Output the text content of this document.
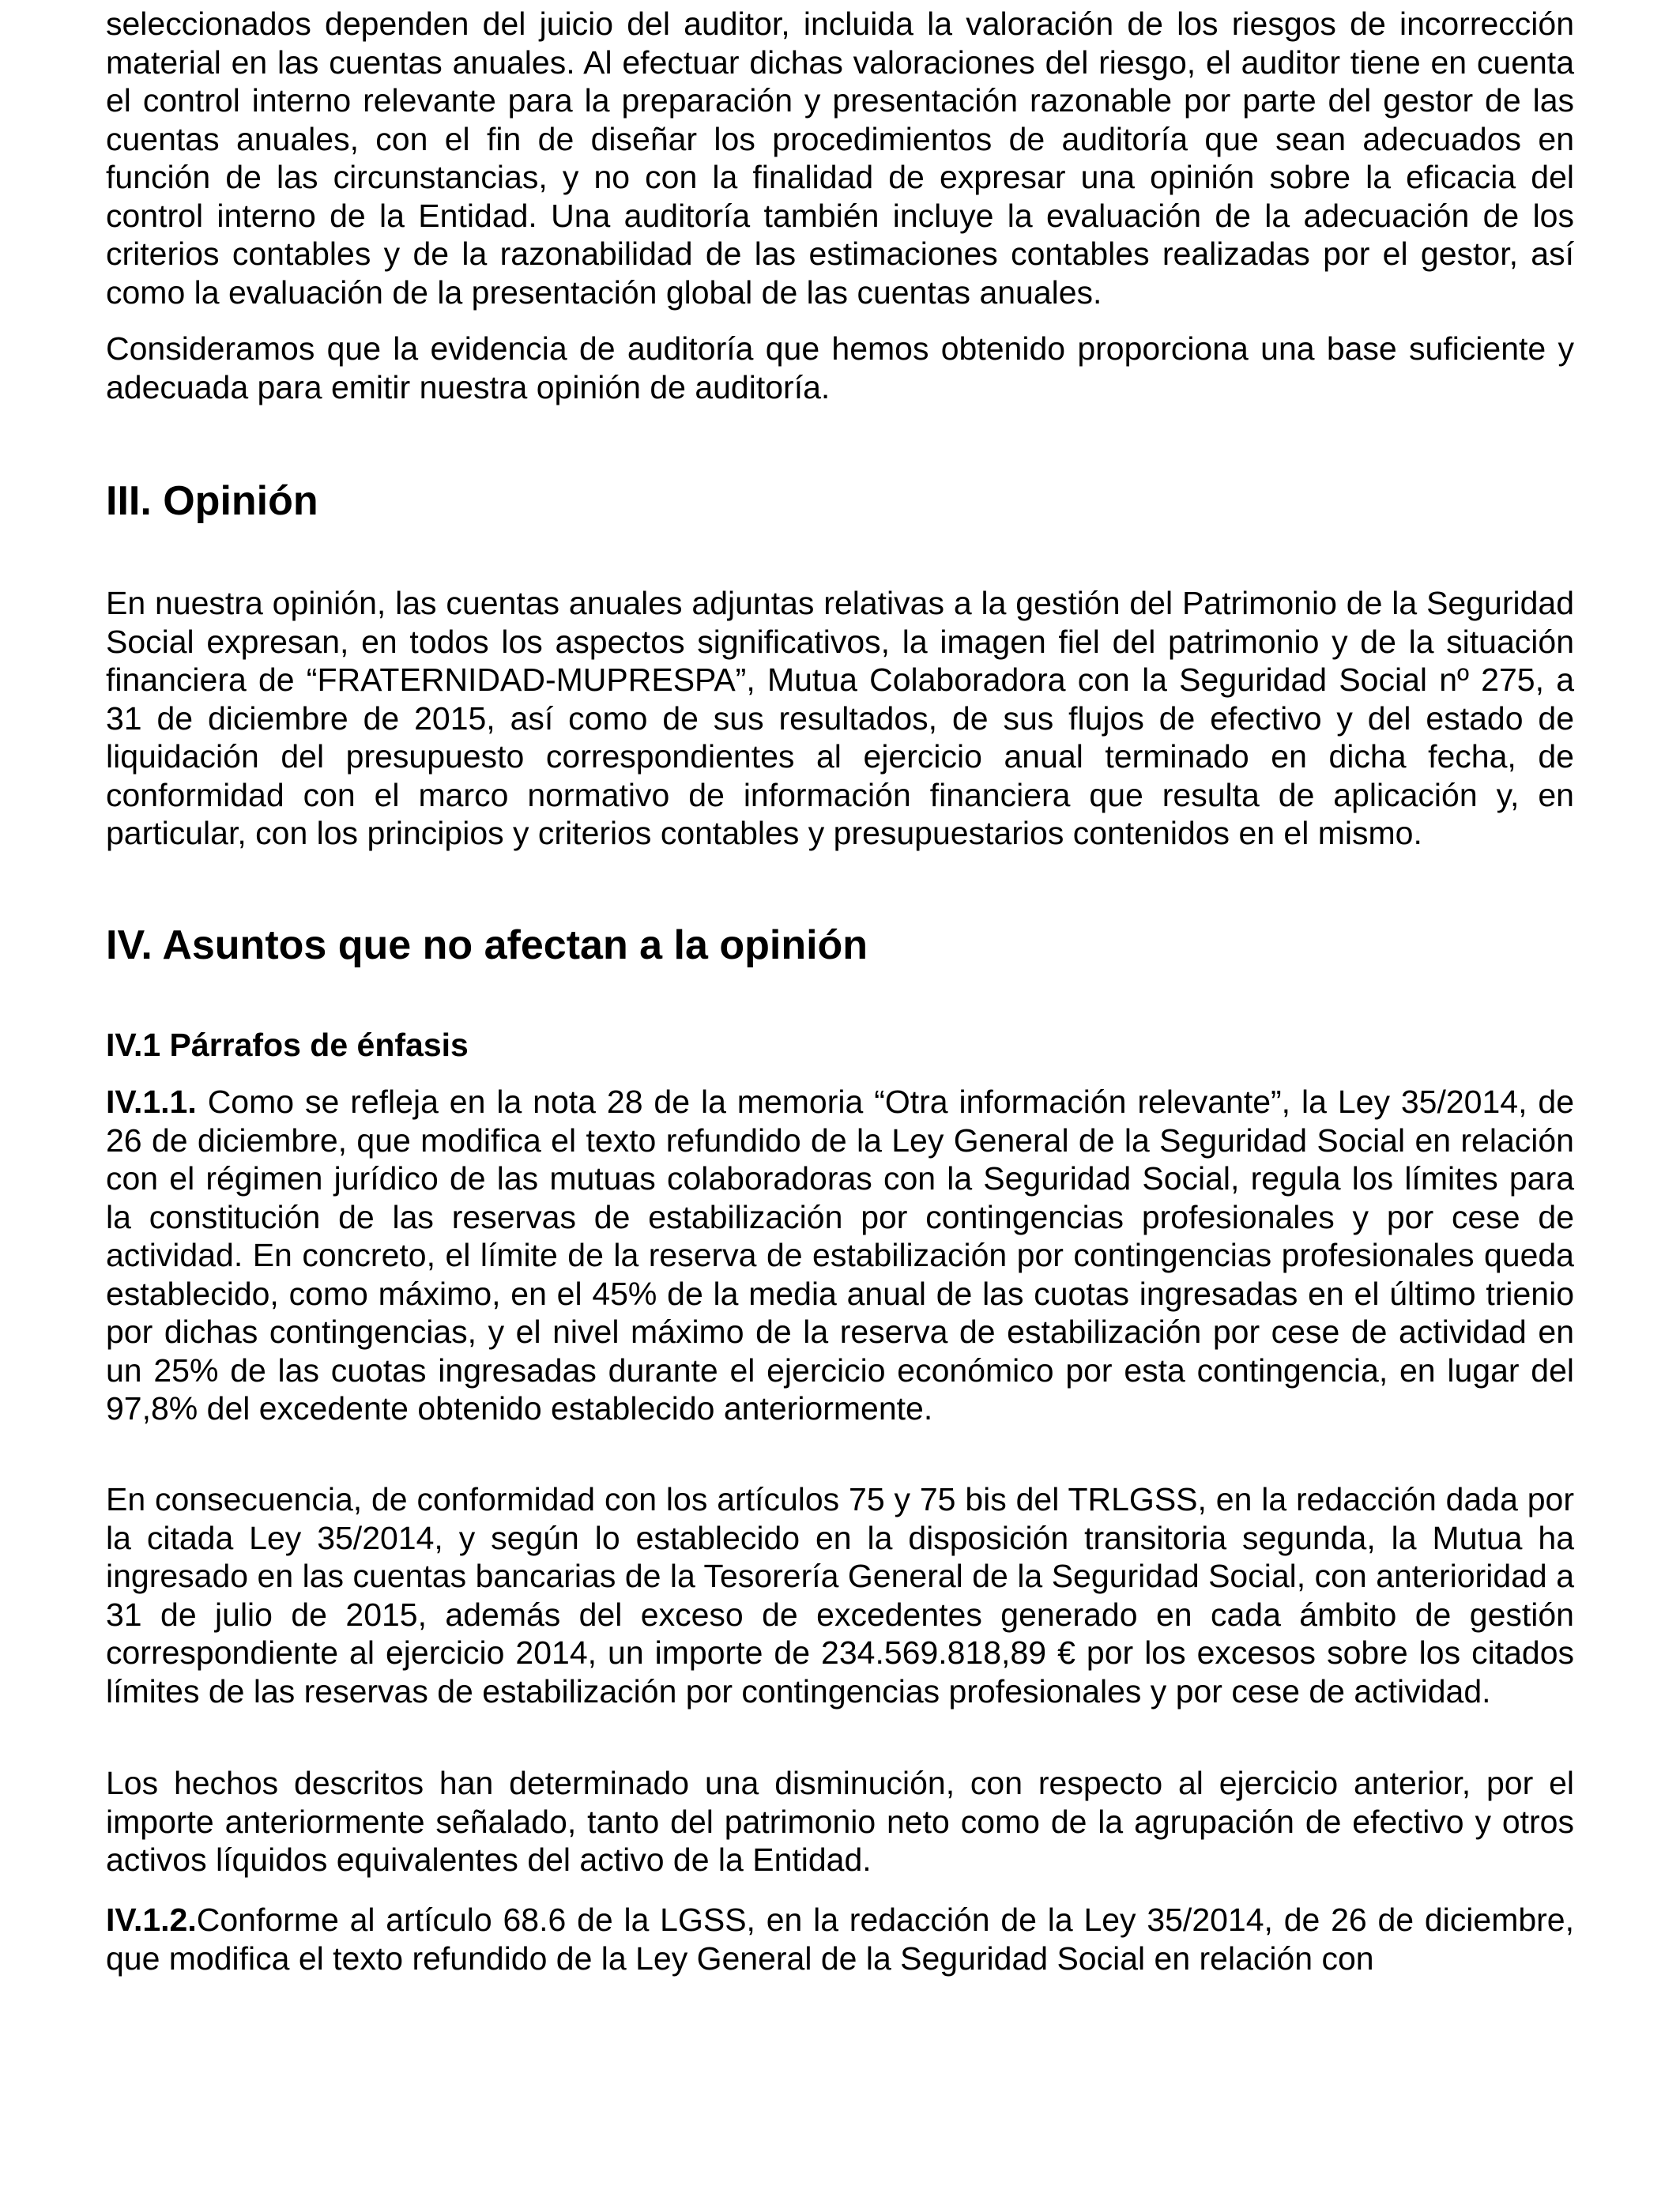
seleccionados dependen del juicio del auditor, incluida la valoración de los riesgos de incorrección material en las cuentas anuales. Al efectuar dichas valoraciones del riesgo, el auditor tiene en cuenta el control interno relevante para la preparación y presentación razonable por parte del gestor de las cuentas anuales, con el fin de diseñar los procedimientos de auditoría que sean adecuados en función de las circunstancias, y no con la finalidad de expresar una opinión sobre la eficacia del control interno de la Entidad. Una auditoría también incluye la evaluación de la adecuación de los criterios contables y de la razonabilidad de las estimaciones contables realizadas por el gestor, así como la evaluación de la presentación global de las cuentas anuales.

Consideramos que la evidencia de auditoría que hemos obtenido proporciona una base suficiente y adecuada para emitir nuestra opinión de auditoría.

III. Opinión

En nuestra opinión, las cuentas anuales adjuntas relativas a la gestión del Patrimonio de la Seguridad Social expresan, en todos los aspectos significativos, la imagen fiel del patrimonio y de la situación financiera de “FRATERNIDAD-MUPRESPA”, Mutua Colaboradora con la Seguridad Social nº 275, a 31 de diciembre de 2015, así como de sus resultados, de sus flujos de efectivo y del estado de liquidación del presupuesto correspondientes al ejercicio anual terminado en dicha fecha, de conformidad con el marco normativo de información financiera que resulta de aplicación y, en particular, con los principios y criterios contables y presupuestarios contenidos en el mismo.

IV. Asuntos que no afectan a la opinión
IV.1 Párrafos de énfasis

IV.1.1. Como se refleja en la nota 28 de la memoria “Otra información relevante”, la Ley 35/2014, de 26 de diciembre, que modifica el texto refundido de la Ley General de la Seguridad Social en relación con el régimen jurídico de las mutuas colaboradoras con la Seguridad Social, regula los límites para la constitución de las reservas de estabilización por contingencias profesionales y por cese de actividad. En concreto, el límite de la reserva de estabilización por contingencias profesionales queda establecido, como máximo, en el 45% de la media anual de las cuotas ingresadas en el último trienio por dichas contingencias, y el nivel máximo de la reserva de estabilización por cese de actividad en un 25% de las cuotas ingresadas durante el ejercicio económico por esta contingencia, en lugar del 97,8% del excedente obtenido establecido anteriormente.

En consecuencia, de conformidad con los artículos 75 y 75 bis del TRLGSS, en la redacción dada por la citada Ley 35/2014, y según lo establecido en la disposición transitoria segunda, la Mutua ha ingresado en las cuentas bancarias de la Tesorería General de la Seguridad Social, con anterioridad a 31 de julio de 2015, además del exceso de excedentes generado en cada ámbito de gestión correspondiente al ejercicio 2014, un importe de 234.569.818,89 € por los excesos sobre los citados límites de las reservas de estabilización por contingencias profesionales y por cese de actividad.

Los hechos descritos han determinado una disminución, con respecto al ejercicio anterior, por el importe anteriormente señalado, tanto del patrimonio neto como de la agrupación de efectivo y otros activos líquidos equivalentes del activo de la Entidad.

IV.1.2.Conforme al artículo 68.6 de la LGSS, en la redacción de la Ley 35/2014, de 26 de diciembre, que modifica el texto refundido de la Ley General de la Seguridad Social en relación con
